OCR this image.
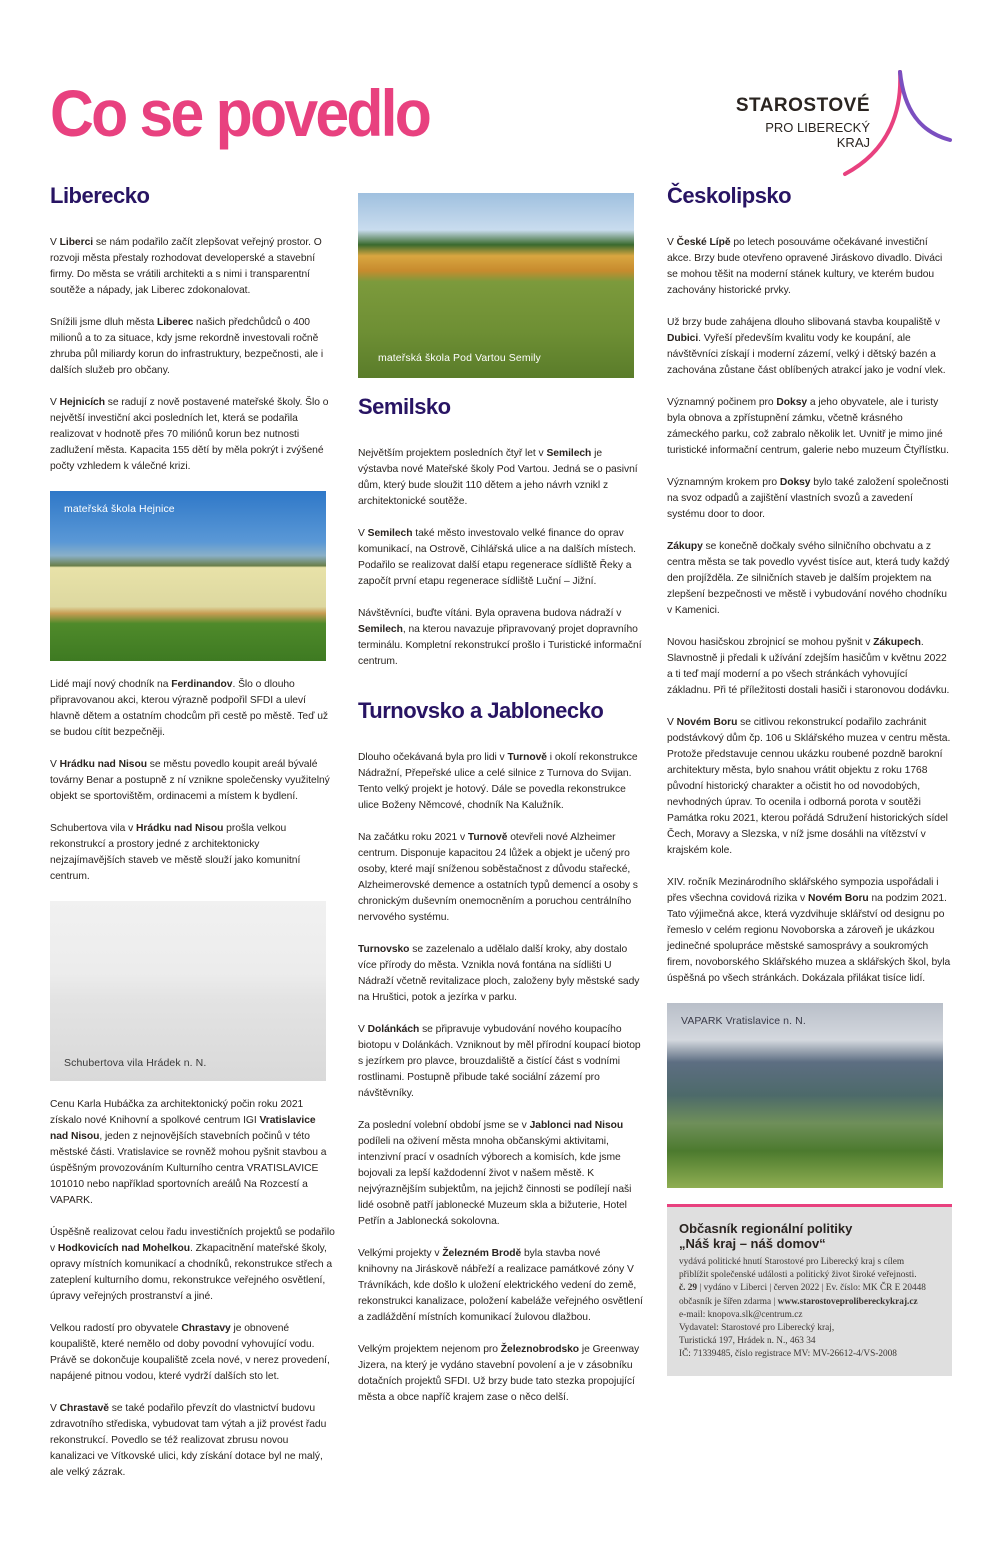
Co se povedlo	STAROSTOVÉ
PRO LIBERECKÝ KRAJ
Liberecko

V Liberci se nám podařilo začít zlepšovat veřejný prostor. O rozvoji města přestaly rozhodovat developerské a stavební firmy. Do města se vrátili architekti a s nimi i transparentní soutěže a nápady, jak Liberec zdokonalovat.

Snížili jsme dluh města Liberec našich předchůdců o 400 milionů a to za situace, kdy jsme rekordně investovali ročně zhruba půl miliardy korun do infrastruktury, bezpečnosti, ale i dalších služeb pro občany.

V Hejnicích se radují z nově postavené mateřské školy. Šlo o největší investiční akci posledních let, která se podařila realizovat v hodnotě přes 70 miliónů korun bez nutnosti zadlužení města. Kapacita 155 dětí by měla pokrýt i zvýšené počty vzhledem k válečné krizi.

mateřská škola Hejnice

Lidé mají nový chodník na Ferdinandov. Šlo o dlouho připravovanou akci, kterou výrazně podpořil SFDI a uleví hlavně dětem a ostatním chodcům při cestě po městě. Teď už se budou cítit bezpečněji.

V Hrádku nad Nisou se městu povedlo koupit areál bývalé továrny Benar a postupně z ní vznikne společensky využitelný objekt se sportovištěm, ordinacemi a místem k bydlení.

Schubertova vila v Hrádku nad Nisou prošla velkou rekonstrukcí a prostory jedné z architektonicky nejzajímavějších staveb ve městě slouží jako komunitní centrum.

Schubertova vila Hrádek n. N.

Cenu Karla Hubáčka za architektonický počin roku 2021 získalo nové Knihovní a spolkové centrum IGI Vratislavice nad Nisou, jeden z nejnovějších stavebních počinů v této městské části. Vratislavice se rovněž mohou pyšnit stavbou a úspěšným provozováním Kulturního centra VRATISLAVICE 101010 nebo například sportovních areálů Na Rozcestí a VAPARK.

Úspěšně realizovat celou řadu investičních projektů se podařilo v Hodkovicích nad Mohelkou. Zkapacitnění mateřské školy, opravy místních komunikací a chodníků, rekonstrukce střech a zateplení kulturního domu, rekonstrukce veřejného osvětlení, úpravy veřejných prostranství a jiné.

Velkou radostí pro obyvatele Chrastavy je obnovené koupaliště, které nemělo od doby povodní vyhovující vodu. Právě se dokončuje koupaliště zcela nové, v nerez provedení, napájené pitnou vodou, které vydrží dalších sto let.

V Chrastavě se také podařilo převzít do vlastnictví budovu zdravotního střediska, vybudovat tam výtah a již provést řadu rekonstrukcí. Povedlo se též realizovat zbrusu novou kanalizaci ve Vítkovské ulici, kdy získání dotace byl ne malý, ale velký zázrak.

mateřská škola Pod Vartou Semily
Semilsko

Největším projektem posledních čtyř let v Semilech je výstavba nové Mateřské školy Pod Vartou. Jedná se o pasivní dům, který bude sloužit 110 dětem a jeho návrh vznikl z architektonické soutěže.

V Semilech také město investovalo velké finance do oprav komunikací, na Ostrově, Cihlářská ulice a na dalších místech. Podařilo se realizovat další etapu regenerace sídliště Řeky a započít první etapu regenerace sídliště Luční – Jižní.

Návštěvníci, buďte vítáni. Byla opravena budova nádraží v Semilech, na kterou navazuje připravovaný projet dopravního terminálu. Kompletní rekonstrukcí prošlo i Turistické informační centrum.

Turnovsko a Jablonecko

Dlouho očekávaná byla pro lidi v Turnově i okolí rekonstrukce Nádražní, Přepeřské ulice a celé silnice z Turnova do Svijan. Tento velký projekt je hotový. Dále se povedla rekonstrukce ulice Boženy Němcové, chodník Na Kalužník.

Na začátku roku 2021 v Turnově otevřeli nové Alzheimer centrum. Disponuje kapacitou 24 lůžek a objekt je učený pro osoby, které mají sníženou soběstačnost z důvodu stařecké, Alzheimerovské demence a ostatních typů demencí a osoby s chronickým duševním onemocněním a poruchou centrálního nervového systému.

Turnovsko se zazelenalo a udělalo další kroky, aby dostalo více přírody do města. Vznikla nová fontána na sídlišti U Nádraží včetně revitalizace ploch, založeny byly městské sady na Hruštici, potok a jezírka v parku.

V Dolánkách se připravuje vybudování nového koupacího biotopu v Dolánkách. Vzniknout by měl přírodní koupací biotop s jezírkem pro plavce, brouzdaliště a čistící část s vodními rostlinami. Postupně přibude také sociální zázemí pro návštěvníky.

Za poslední volební období jsme se v Jablonci nad Nisou podíleli na oživení města mnoha občanskými aktivitami, intenzivní prací v osadních výborech a komisích, kde jsme bojovali za lepší každodenní život v našem městě. K nejvýraznějším subjektům, na jejichž činnosti se podílejí naši lidé osobně patří jablonecké Muzeum skla a bižuterie, Hotel Petřín a Jablonecká sokolovna.

Velkými projekty v Železném Brodě byla stavba nové knihovny na Jiráskově nábřeží a realizace památkové zóny V Trávníkách, kde došlo k uložení elektrického vedení do země, rekonstrukci kanalizace, položení kabeláže veřejného osvětlení a zadláždění místních komunikací žulovou dlažbou.

Velkým projektem nejenom pro Železnobrodsko je Greenway Jizera, na který je vydáno stavební povolení a je v zásobníku dotačních projektů SFDI. Už brzy bude tato stezka propojující města a obce napříč krajem zase o něco delší.

Českolipsko

V České Lípě po letech posouváme očekávané investiční akce. Brzy bude otevřeno opravené Jiráskovo divadlo. Diváci se mohou těšit na moderní stánek kultury, ve kterém budou zachovány historické prvky.

Už brzy bude zahájena dlouho slibovaná stavba koupaliště v Dubici. Vyřeší především kvalitu vody ke koupání, ale návštěvníci získají i moderní zázemí, velký i dětský bazén a zachována zůstane část oblíbených atrakcí jako je vodní vlek.

Významný počinem pro Doksy a jeho obyvatele, ale i turisty byla obnova a zpřístupnění zámku, včetně krásného zámeckého parku, což zabralo několik let. Uvnitř je mimo jiné turistické informační centrum, galerie nebo muzeum Čtyřlístku.

Významným krokem pro Doksy bylo také založení společnosti na svoz odpadů a zajištění vlastních svozů a zavedení systému door to door.

Zákupy se konečně dočkaly svého silničního obchvatu a z centra města se tak povedlo vyvést tisíce aut, která tudy každý den projížděla. Ze silničních staveb je dalším projektem na zlepšení bezpečnosti ve městě i vybudování nového chodníku v Kamenici.

Novou hasičskou zbrojnicí se mohou pyšnit v Zákupech. Slavnostně ji předali k užívání zdejším hasičům v květnu 2022 a ti teď mají moderní a po všech stránkách vyhovující základnu. Při té příležitosti dostali hasiči i staronovou dodávku.

V Novém Boru se citlivou rekonstrukcí podařilo zachránit podstávkový dům čp. 106 u Sklářského muzea v centru města. Protože představuje cennou ukázku roubené pozdně barokní architektury města, bylo snahou vrátit objektu z roku 1768 původní historický charakter a očistit ho od novodobých, nevhodných úprav. To ocenila i odborná porota v soutěži Památka roku 2021, kterou pořádá Sdružení historických sídel Čech, Moravy a Slezska, v níž jsme dosáhli na vítězství v krajském kole.

XIV. ročník Mezinárodního sklářského sympozia uspořádali i přes všechna covidová rizika v Novém Boru na podzim 2021. Tato výjimečná akce, která vyzdvihuje sklářství od designu po řemeslo v celém regionu Novoborska a zároveň je ukázkou jedinečné spolupráce městské samosprávy a soukromých firem, novoborského Sklářského muzea a sklářských škol, byla úspěšná po všech stránkách. Dokázala přilákat tisíce lidí.

VAPARK Vratislavice n. N.
Občasník regionální politiky
„Náš kraj – náš domov“
vydává politické hnutí Starostové pro Liberecký kraj s cílem
přiblížit společenské události a politický život široké veřejnosti.
č. 29 | vydáno v Liberci | červen 2022 | Ev. číslo: MK ČR E 20448
občasník je šířen zdarma | www.starostoveprolibereckykraj.cz
e-mail: knopova.slk@centrum.cz
Vydavatel: Starostové pro Liberecký kraj,
Turistická 197, Hrádek n. N., 463 34
IČ: 71339485, číslo registrace MV: MV-26612-4/VS-2008
